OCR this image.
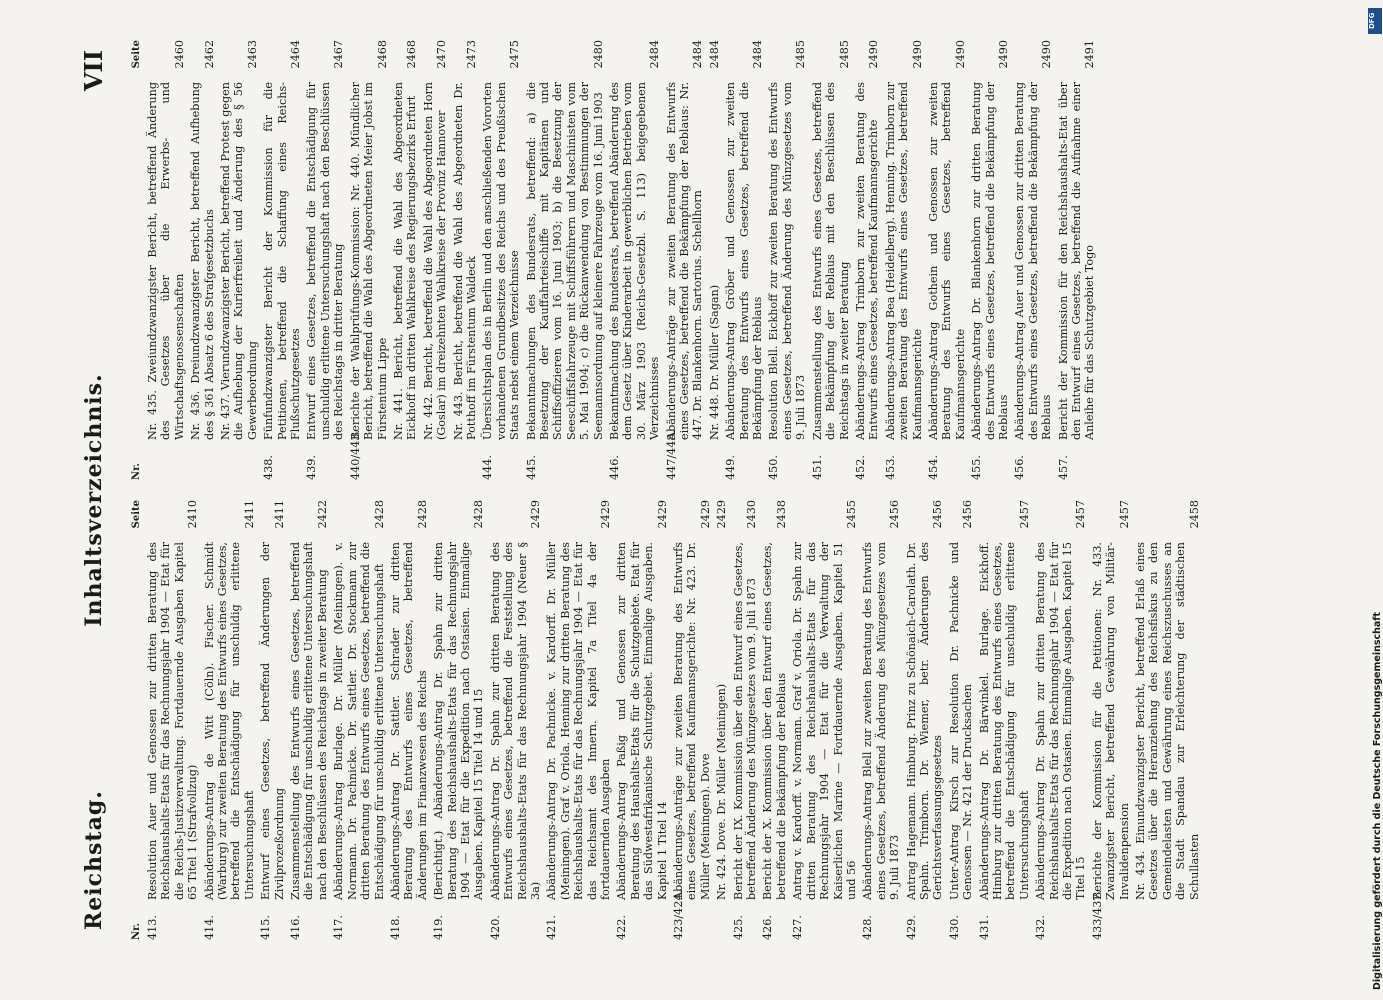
Reichstag.
Inhaltsverzeichnis.
VII
Nr.
Seite
413.
Resolution Auer und Genossen zur dritten Beratung des Reichshaushalts-Etats für das Rechnungsjahr 1904 — Etat für die Reichs-Justizverwaltung. Fortdauernde Ausgaben Kapitel 65 Titel 1 (Strafvollzug)
2410
414.
Abänderungs-Antrag de Witt (Cöln). Fischer. Schmidt (Warburg) zur zweiten Beratung des Entwurfs eines Gesetzes, betreffend die Entschädigung für unschuldig erlittene Untersuchungshaft
2411
415.
Entwurf eines Gesetzes, betreffend Änderungen der Zivilprozeßordnung
2411
416.
Zusammenstellung des Entwurfs eines Gesetzes, betreffend die Entschädigung für unschuldig erlittene Untersuchungshaft nach den Beschlüssen des Reichstags in zweiter Beratung
2422
417.
Abänderungs-Antrag Burlage. Dr. Müller (Meiningen). v. Normann. Dr. Pachnicke. Dr. Sattler. Dr. Stockmann zur dritten Beratung des Entwurfs eines Gesetzes, betreffend die Entschädigung für unschuldig erlittene Untersuchungshaft
2428
418.
Abänderungs-Antrag Dr. Sattler. Schrader zur dritten Beratung des Entwurfs eines Gesetzes, betreffend Änderungen im Finanzwesen des Reichs
2428
419.
(Berichtigt.) Abänderungs-Antrag Dr. Spahn zur dritten Beratung des Reichshaushalts-Etats für das Rechnungsjahr 1904 — Etat für die Expedition nach Ostasien. Einmalige Ausgaben. Kapitel 15 Titel 14 und 15
2428
420.
Abänderungs-Antrag Dr. Spahn zur dritten Beratung des Entwurfs eines Gesetzes, betreffend die Feststellung des Reichshaushalts-Etats für das Rechnungsjahr 1904 (Neuer § 3a)
2429
421.
Abänderungs-Antrag Dr. Pachnicke. v. Kardorff. Dr. Müller (Meiningen). Graf v. Oriola. Henning zur dritten Beratung des Reichshaushalts-Etats für das Rechnungsjahr 1904 — Etat für das Reichsamt des Innern. Kapitel 7a Titel 4a der fortdauernden Ausgaben
2429
422.
Abänderungs-Antrag Paßig und Genossen zur dritten Beratung des Haushalts-Etats für die Schutzgebiete. Etat für das Südwestafrikanische Schutzgebiet. Einmalige Ausgaben. Kapitel 1 Titel 14
2429
423/424.
Abänderungs-Anträge zur zweiten Beratung des Entwurfs eines Gesetzes, betreffend Kaufmannsgerichte: Nr. 423. Dr. Müller (Meiningen). Dove
2429
Nr. 424. Dove. Dr. Müller (Meiningen)
2429
425.
Bericht der IX. Kommission über den Entwurf eines Gesetzes, betreffend Änderung des Münzgesetzes vom 9. Juli 1873
2430
426.
Bericht der X. Kommission über den Entwurf eines Gesetzes, betreffend die Bekämpfung der Reblaus
2438
427.
Antrag v. Kardorff. v. Normann. Graf v. Oriola. Dr. Spahn zur dritten Beratung des Reichshaushalts-Etats für das Rechnungsjahr 1904 — Etat für die Verwaltung der Kaiserlichen Marine — Fortdauernde Ausgaben. Kapitel 51 und 56
2455
428.
Abänderungs-Antrag Blell zur zweiten Beratung des Entwurfs eines Gesetzes, betreffend Änderung des Münzgesetzes vom 9. Juli 1873
2456
429.
Antrag Hagemann. Himburg. Prinz zu Schönaich-Carolath. Dr. Spahn. Trimborn. Dr. Wiemer, betr. Änderungen des Gerichtsverfassungsgesetzes
2456
430.
Unter-Antrag Kirsch zur Resolution Dr. Pachnicke und Genossen — Nr. 421 der Drucksachen
2456
431.
Abänderungs-Antrag Dr. Bärwinkel. Burlage. Eickhoff. Himburg zur dritten Beratung des Entwurfs eines Gesetzes, betreffend die Entschädigung für unschuldig erlittene Untersuchungshaft
2457
432.
Abänderungs-Antrag Dr. Spahn zur dritten Beratung des Reichshaushalts-Etats für das Rechnungsjahr 1904 — Etat für die Expedition nach Ostasien. Einmalige Ausgaben. Kapitel 15 Titel 15
2457
433/437.
Berichte der Kommission für die Petitionen: Nr. 433. Zwanzigster Bericht, betreffend Gewährung von Militär-Invalidenpension
2457
Nr. 434. Einundzwanzigster Bericht, betreffend Erlaß eines Gesetzes über die Heranziehung des Reichsfiskus zu den Gemeindelasten und Gewährung eines Reichszuschusses an die Stadt Spandau zur Erleichterung der städtischen Schullasten
2458
Nr.
Seite
Nr. 435. Zweiundzwanzigster Bericht, betreffend Änderung des Gesetzes über die Erwerbs- und Wirtschaftsgenossenschaften
2460
Nr. 436. Dreiundzwanzigster Bericht, betreffend Aufhebung des § 361 Absatz 6 des Strafgesetzbuchs
2462
Nr. 437. Vierundzwanzigster Bericht, betreffend Protest gegen die Aufhebung der Kurierfreiheit und Änderung des § 56 Gewerbeordnung
2463
438.
Fünfundzwanzigster Bericht der Kommission für die Petitionen, betreffend die Schaffung eines Reichs-Flußschutzgesetzes
2464
439.
Entwurf eines Gesetzes, betreffend die Entschädigung für unschuldig erlittene Untersuchungshaft nach den Beschlüssen des Reichstags in dritter Beratung
2467
440/443.
Berichte der Wahlprüfungs-Kommission: Nr. 440. Mündlicher Bericht, betreffend die Wahl des Abgeordneten Meier Jobst im Fürstentum Lippe
2468
Nr. 441. Bericht, betreffend die Wahl des Abgeordneten Eickhoff im dritten Wahlkreise des Regierungsbezirks Erfurt
2468
Nr. 442. Bericht, betreffend die Wahl des Abgeordneten Horn (Goslar) im dreizehnten Wahlkreise der Provinz Hannover
2470
Nr. 443. Bericht, betreffend die Wahl des Abgeordneten Dr. Potthoff im Fürstentum Waldeck
2473
444.
Übersichtsplan des in Berlin und den anschließenden Vororten vorhandenen Grundbesitzes des Reichs und des Preußischen Staats nebst einem Verzeichnisse
2475
445.
Bekanntmachungen des Bundesrats, betreffend: a) die Besetzung der Kauffahrteischiffe mit Kapitänen und Schiffsoffizieren vom 16. Juni 1903; b) die Besetzung der Seeschiffsfahrzeuge mit Schiffsführern und Maschinisten vom 5. Mai 1904; c) die Rückanwendung von Bestimmungen der Seemannsordnung auf kleinere Fahrzeuge vom 16. Juni 1903
2480
446.
Bekanntmachung des Bundesrats, betreffend Abänderung des dem Gesetz über Kinderarbeit in gewerblichen Betrieben vom 30. März 1903 (Reichs-Gesetzbl. S. 113) beigegebenen Verzeichnisses
2484
447/448.
Abänderungs-Anträge zur zweiten Beratung des Entwurfs eines Gesetzes, betreffend die Bekämpfung der Reblaus: Nr. 447. Dr. Blankenhorn. Sartorius. Schellhorn
2484
Nr. 448. Dr. Müller (Sagan)
2484
449.
Abänderungs-Antrag Gröber und Genossen zur zweiten Beratung des Entwurfs eines Gesetzes, betreffend die Bekämpfung der Reblaus
2484
450.
Resolution Blell. Eickhoff zur zweiten Beratung des Entwurfs eines Gesetzes, betreffend Änderung des Münzgesetzes vom 9. Juli 1873
2485
451.
Zusammenstellung des Entwurfs eines Gesetzes, betreffend die Bekämpfung der Reblaus mit den Beschlüssen des Reichstags in zweiter Beratung
2485
452.
Abänderungs-Antrag Trimborn zur zweiten Beratung des Entwurfs eines Gesetzes, betreffend Kaufmannsgerichte
2490
453.
Abänderungs-Antrag Bea (Heidelberg). Henning. Trimborn zur zweiten Beratung des Entwurfs eines Gesetzes, betreffend Kaufmannsgerichte
2490
454.
Abänderungs-Antrag Gothein und Genossen zur zweiten Beratung des Entwurfs eines Gesetzes, betreffend Kaufmannsgerichte
2490
455.
Abänderungs-Antrag Dr. Blankenhorn zur dritten Beratung des Entwurfs eines Gesetzes, betreffend die Bekämpfung der Reblaus
2490
456.
Abänderungs-Antrag Auer und Genossen zur dritten Beratung des Entwurfs eines Gesetzes, betreffend die Bekämpfung der Reblaus
2490
457.
Bericht der Kommission für den Reichshaushalts-Etat über den Entwurf eines Gesetzes, betreffend die Aufnahme einer Anleihe für das Schutzgebiet Togo
2491
DFG
Digitalisierung gefördert durch die Deutsche Forschungsgemeinschaft
